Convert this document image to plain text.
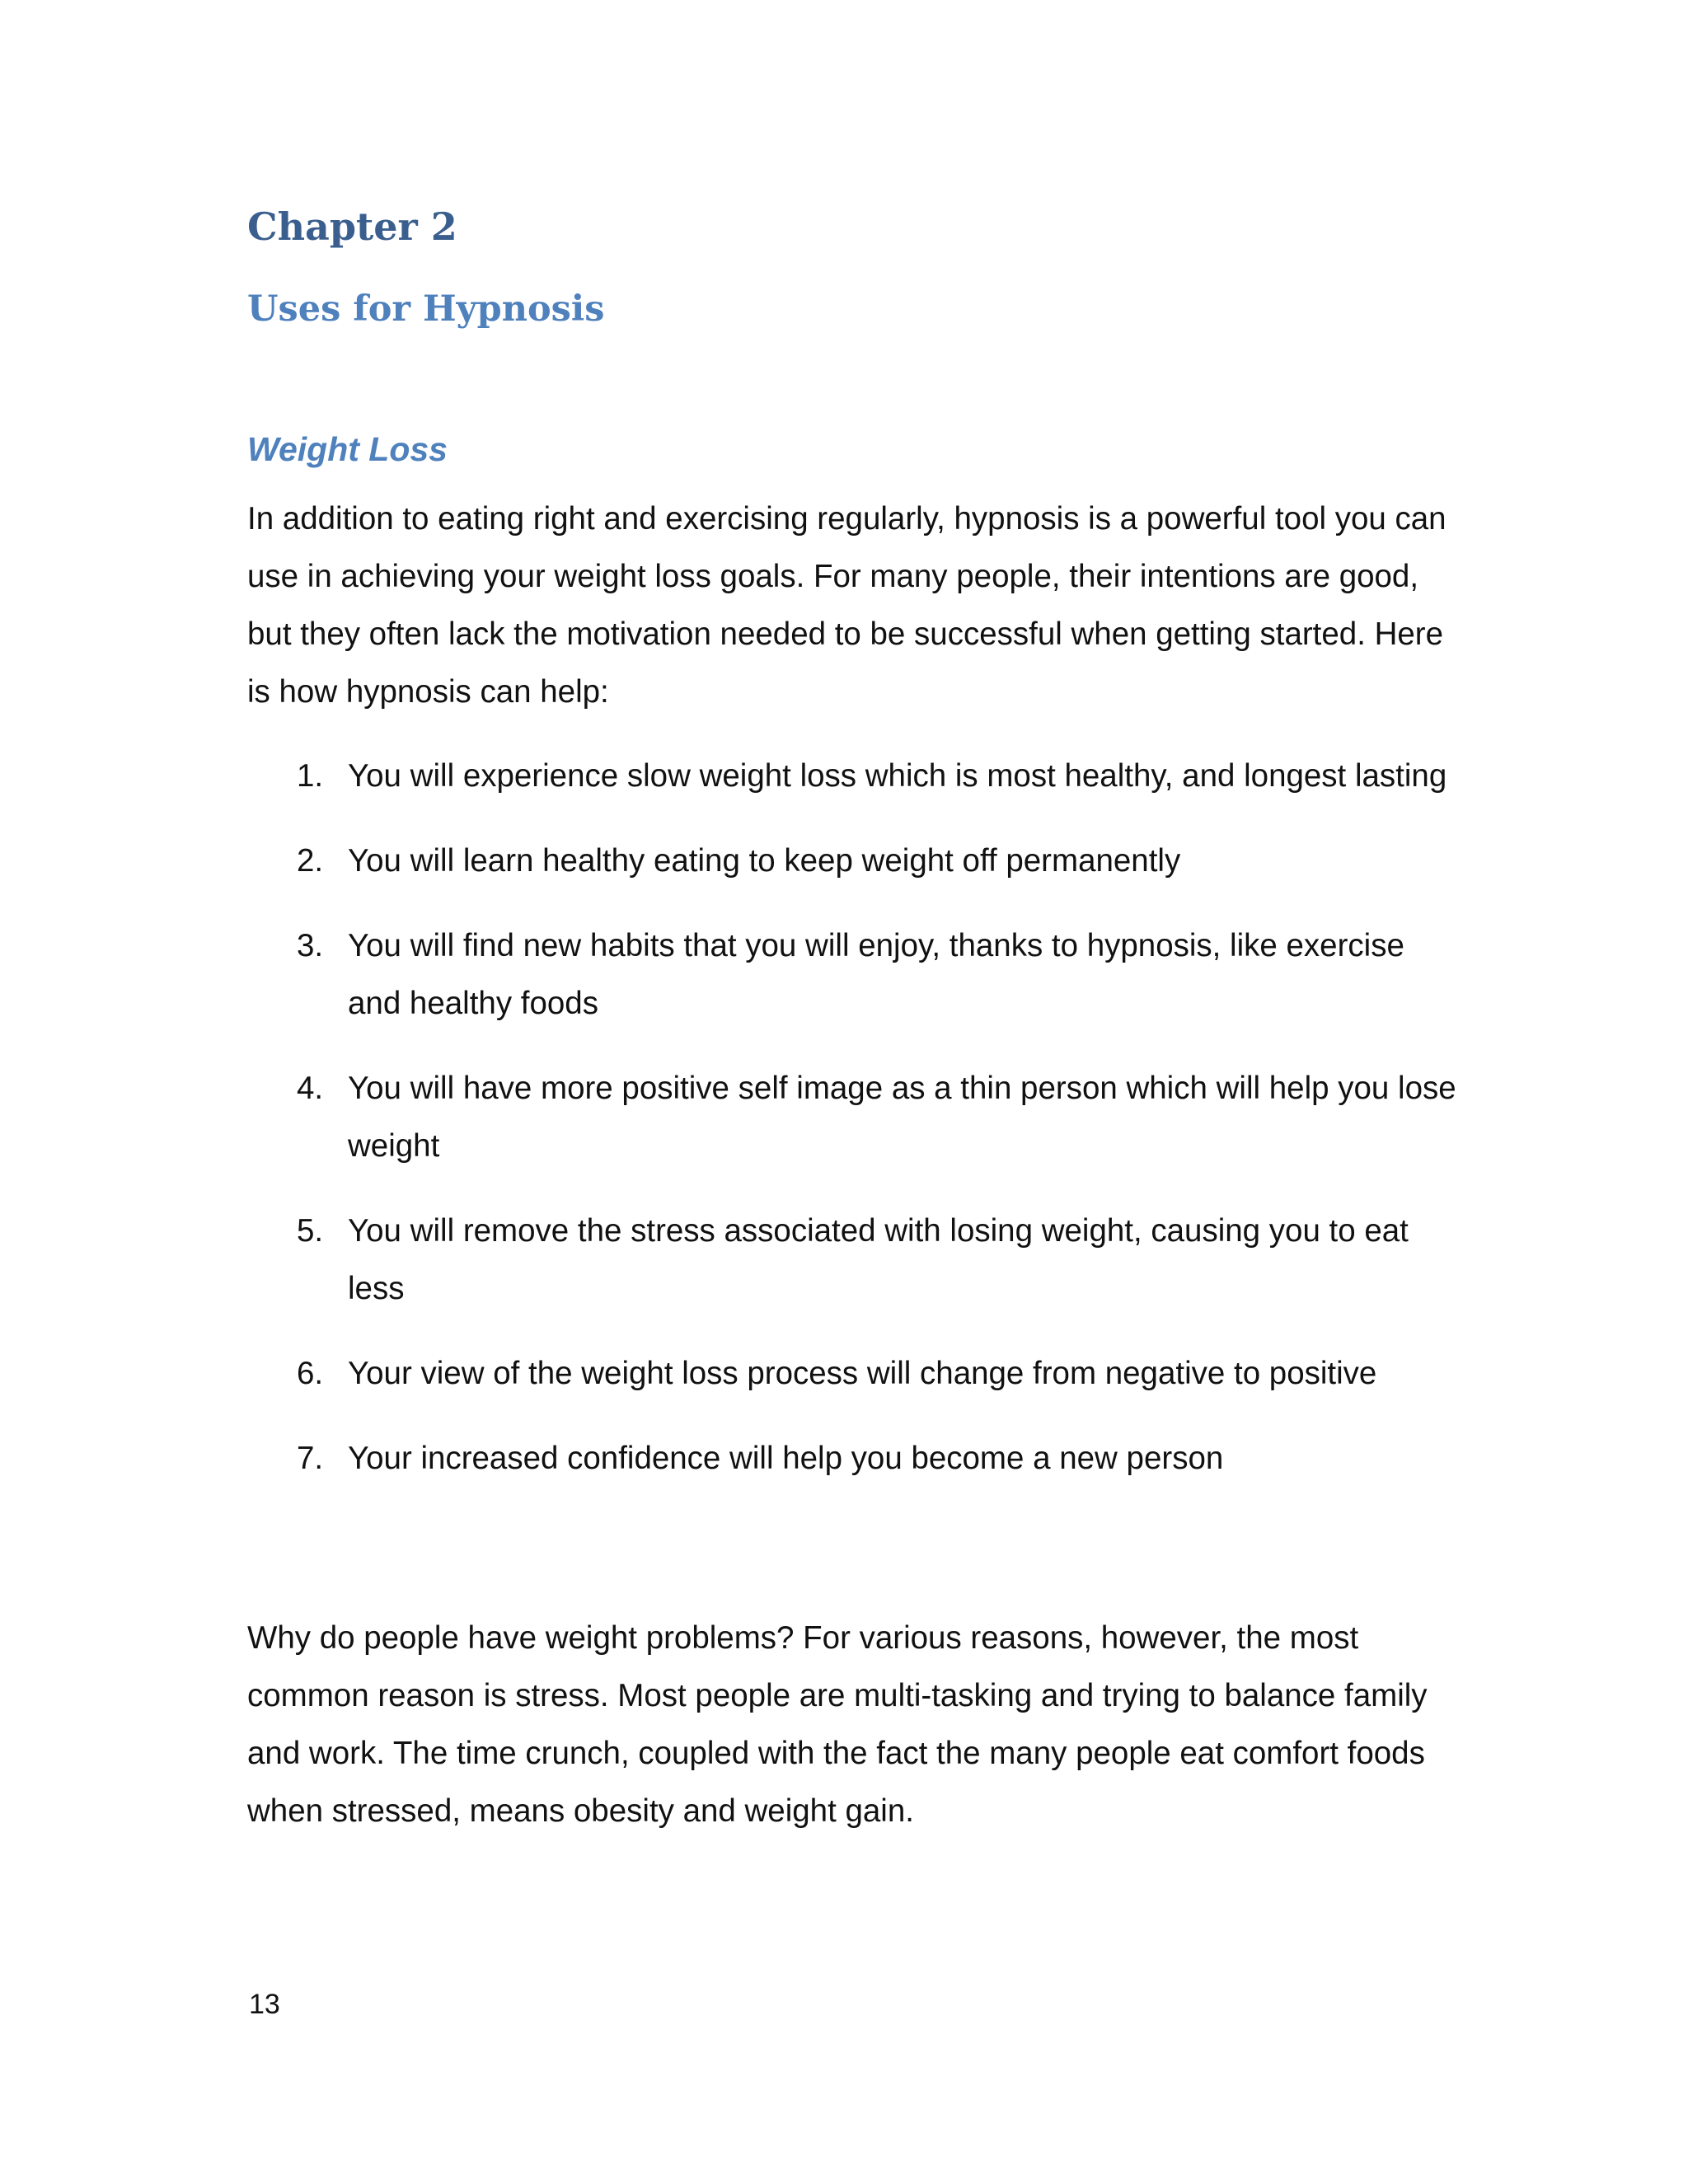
Chapter 2
Uses for Hypnosis
Weight Loss

In addition to eating right and exercising regularly, hypnosis is a powerful tool you can use in achieving your weight loss goals. For many people, their intentions are good, but they often lack the motivation needed to be successful when getting started. Here is how hypnosis can help:

1. You will experience slow weight loss which is most healthy, and longest lasting
2. You will learn healthy eating to keep weight off permanently
3. You will find new habits that you will enjoy, thanks to hypnosis, like exercise and healthy foods
4. You will have more positive self image as a thin person which will help you lose weight
5. You will remove the stress associated with losing weight, causing you to eat less
6. Your view of the weight loss process will change from negative to positive
7. Your increased confidence will help you become a new person

Why do people have weight problems? For various reasons, however, the most common reason is stress. Most people are multi-tasking and trying to balance family and work. The time crunch, coupled with the fact the many people eat comfort foods when stressed, means obesity and weight gain.

13
